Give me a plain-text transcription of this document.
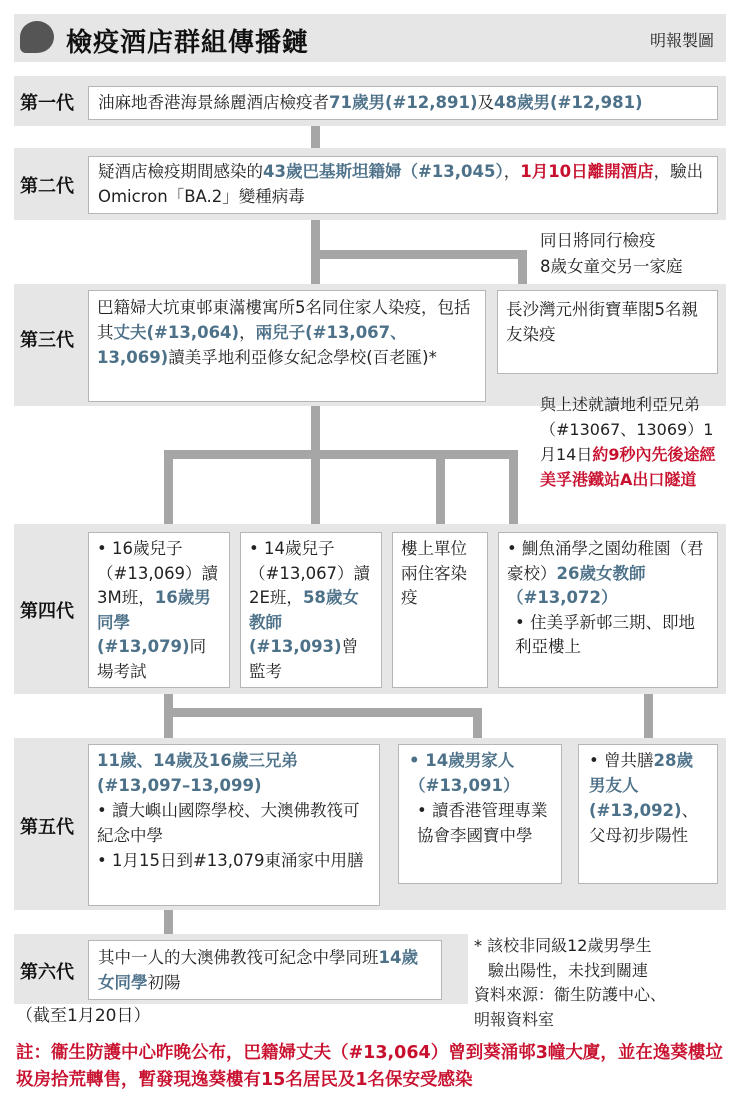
檢疫酒店群組傳播鏈	明報製圖
第一代	油麻地香港海景絲麗酒店檢疫者71歲男(#12,891)及48歲男(#12,981)
第二代
疑酒店檢疫期間感染的43歲巴基斯坦籍婦（#13,045），1月10日離開酒店，驗出Omicron「BA.2」變種病毒
同日將同行檢疫
8歲女童交另一家庭
第三代
巴籍婦大坑東邨東滿樓寓所5名同住家人染疫，包括其丈夫(#13,064)，兩兒子(#13,067、13,069)讀美孚地利亞修女紀念學校(百老匯)*
長沙灣元州街寶華閣5名親友染疫
與上述就讀地利亞兄弟（#13067、13069）1月14日約9秒內先後途經美孚港鐵站A出口隧道
第四代
• 16歲兒子（#13,069）讀3M班，16歲男同學(#13,079)同場考試
• 14歲兒子（#13,067）讀2E班，58歲女教師(#13,093)曾監考
樓上單位兩住客染疫
• 鰂魚涌學之園幼稚園（君豪校）26歲女教師（#13,072）
• 住美孚新邨三期、即地利亞樓上
第五代
11歲、14歲及16歲三兄弟(#13,097–13,099)
• 讀大嶼山國際學校、大澳佛教筏可紀念中學
• 1月15日到#13,079東涌家中用膳
• 14歲男家人（#13,091）
• 讀香港管理專業協會李國寶中學
• 曾共膳28歲男友人(#13,092)、父母初步陽性
第六代
其中一人的大澳佛教筏可紀念中學同班14歲女同學初陽
（截至1月20日）
* 該校非同級12歲男學生
驗出陽性，未找到關連
資料來源：衞生防護中心、
明報資料室
註：衞生防護中心昨晚公布，巴籍婦丈夫（#13,064）曾到葵涌邨3幢大廈，並在逸葵樓垃圾房拾荒轉售，暫發現逸葵樓有15名居民及1名保安受感染
